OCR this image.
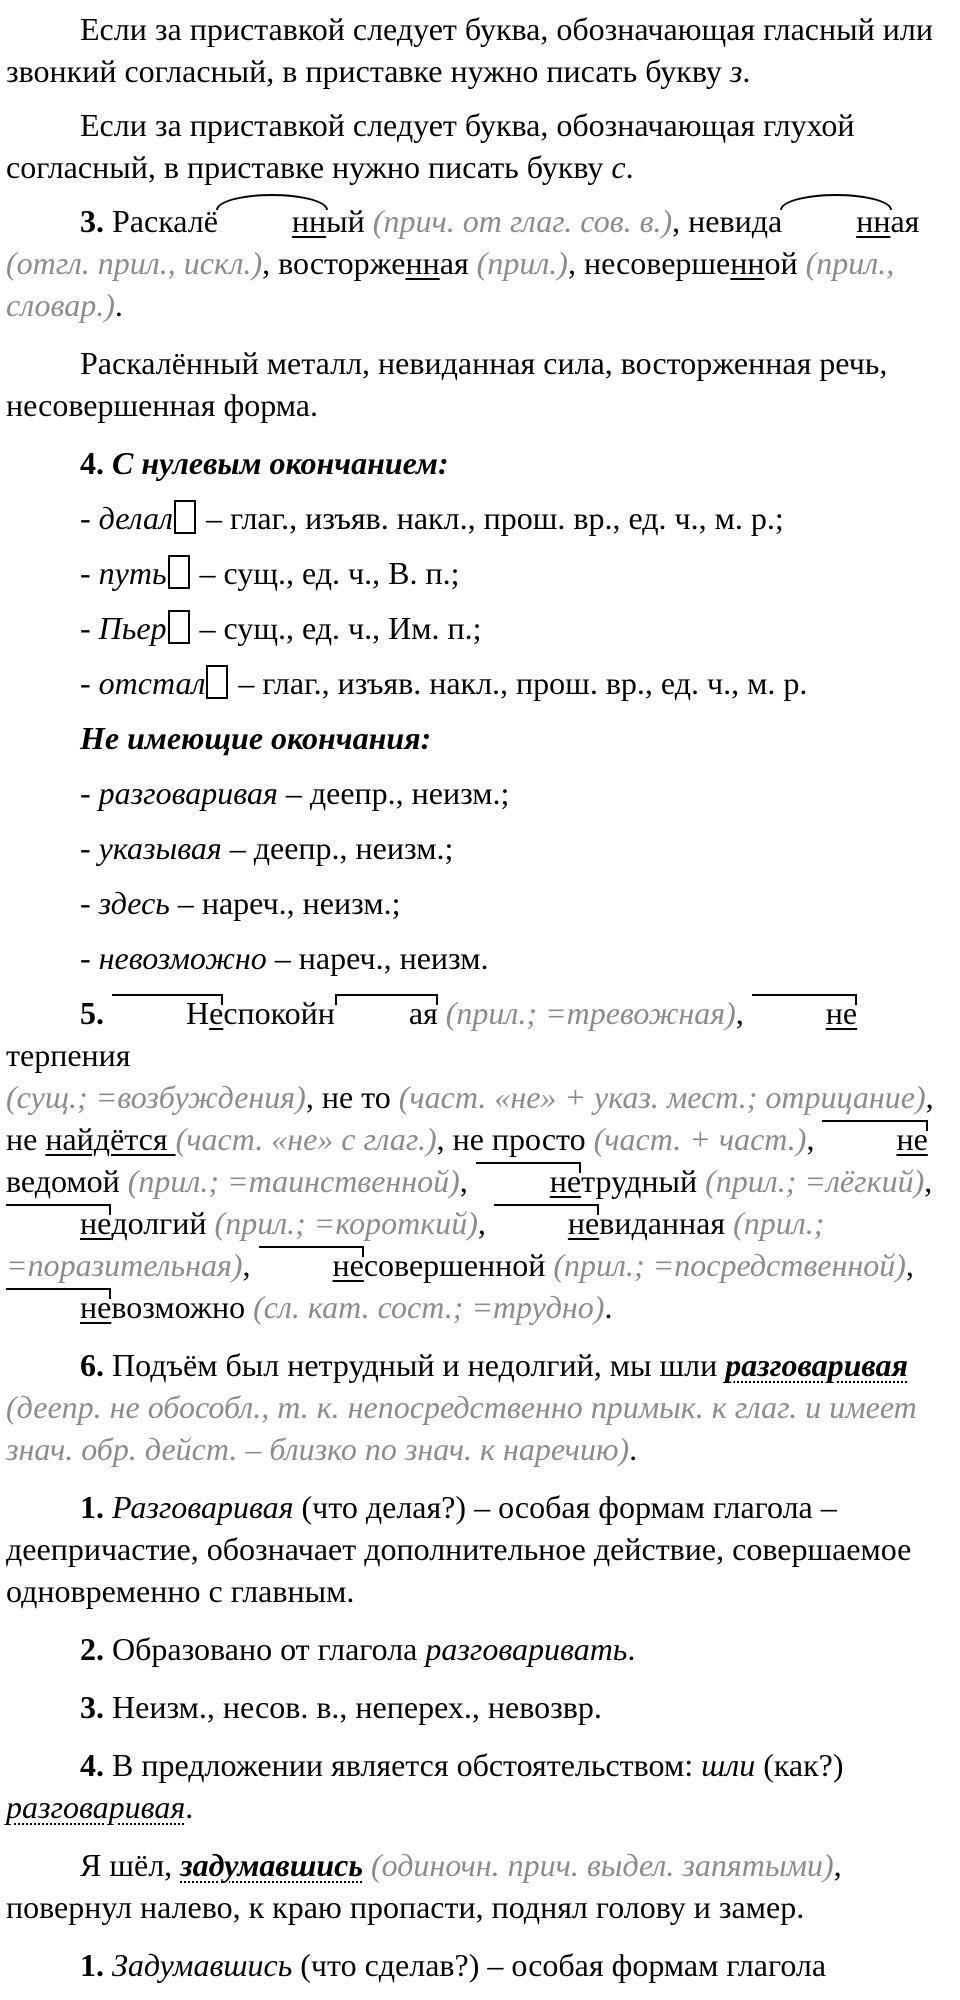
Если за приставкой следует буква, обозначающая гласный или звонкий согласный, в приставке нужно писать букву з.

Если за приставкой следует буква, обозначающая глухой согласный, в приставке нужно писать букву с.

3. Раскалё нный (прич. от глаг. сов. в.), невида нная (отгл. прил., искл.), восторженная (прил.), несовершeнной (прил., словар.).

Раскалённый металл, невиданная сила, восторженная речь, несовершенная форма.

4. С нулевым окончанием:

- делал – глаг., изъяв. накл., прош. вр., ед. ч., м. р.;

- путь – сущ., ед. ч., В. п.;

- Пьер – сущ., ед. ч., Им. п.;

- отстал – глаг., изъяв. накл., прош. вр., ед. ч., м. р.

Не имеющие окончания:

- разговаривая – деепр., неизм.;

- указывая – деепр., неизм.;

- здесь – нареч., неизм.;

- невозможно – нареч., неизм.

5.	Неспокойн ая (прил.; =тревожная), нетерпения
(сущ.; =возбуждения), не то (част. «не» + указ. мест.; отрицание), не найдётся (част. «не» с глаг.), не просто (част. + част.), неведомой (прил.; =таинственной), нетрудный (прил.; =лёгкий), недолгий (прил.; =короткий), невиданная (прил.; =поразительная), несовершенной (прил.; =посредственной), невозможно (сл. кат. сост.; =трудно).

6. Подъём был нетрудный и недолгий, мы шли разговаривая (деепр. не обособл., т. к. непосредственно примык. к глаг. и имеет знач. обр. дейст. – близко по знач. к наречию).

1. Разговаривая (что делая?) – особая формам глагола – деепричастие, обозначает дополнительное действие, совершаемое одновременно с главным.

2. Образовано от глагола разговаривать.

3. Неизм., несов. в., неперех., невозвр.

4. В предложении является обстоятельством: шли (как?) разговаривая.

Я шёл, задумавшись (одиночн. прич. выдел. запятыми), повернул налево, к краю пропасти, поднял голову и замер.

1. Задумавшись (что сделав?) – особая формам глагола
